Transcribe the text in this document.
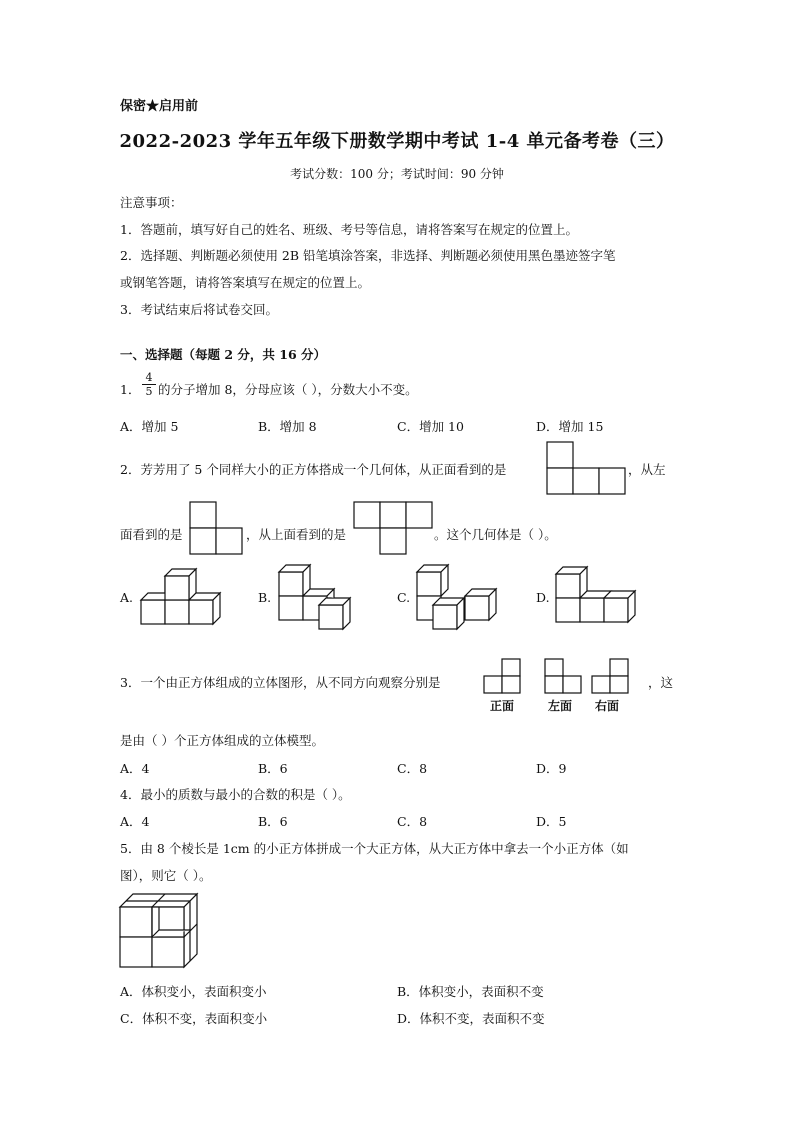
保密★启用前
2022-2023 学年五年级下册数学期中考试 1-4 单元备考卷（三）
考试分数：100 分；考试时间：90 分钟
注意事项：
1．答题前，填写好自己的姓名、班级、考号等信息，请将答案写在规定的位置上。
2．选择题、判断题必须使用 2B 铅笔填涂答案，非选择、判断题必须使用黑色墨迹签字笔
或钢笔答题，请将答案填写在规定的位置上。
3．考试结束后将试卷交回。
一、选择题（每题 2 分，共 16 分）
1． $\frac{4}{5}$ 的分子增加 8，分母应该（ ），分数大小不变。
A．增加 5	B．增加 8	C．增加 10	D．增加 15
2．芳芳用了 5 个同样大小的正方体搭成一个几何体，从正面看到的是	，从左
面看到的是	，从上面看到的是	。这个几何体是（ ）。
A.	B.	C.	D.
3．一个由正方体组成的立体图形，从不同方向观察分别是
正面	左面 右面
，这
是由（ ）个正方体组成的立体模型。
A．4	B．6	C．8	D．9
4．最小的质数与最小的合数的积是（ ）。
A．4	B．6	C．8	D．5
5．由 8 个棱长是 1cm 的小正方体拼成一个大正方体，从大正方体中拿去一个小正方体（如
图），则它（ ）。
A．体积变小，表面积变小	B．体积变小，表面积不变
C．体积不变，表面积变小	D．体积不变，表面积不变
